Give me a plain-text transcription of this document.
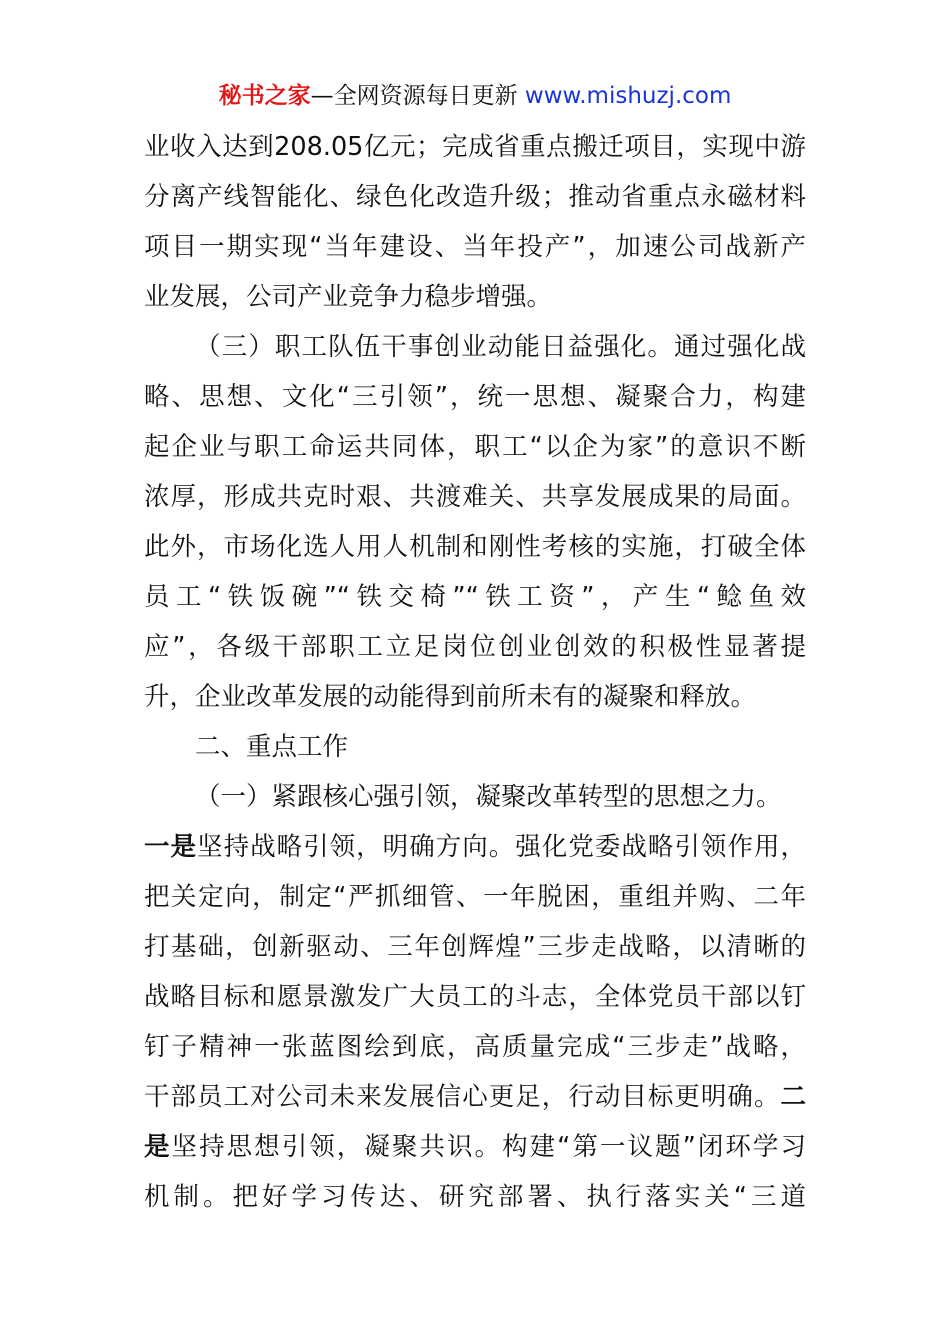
秘书之家—全网资源每日更新 www.mishuzj.com
业收入达到208.05亿元；完成省重点搬迁项目，实现中游
分离产线智能化、绿色化改造升级；推动省重点永磁材料
项目一期实现“当年建设、当年投产”，加速公司战新产
业发展，公司产业竞争力稳步增强。
（三）职工队伍干事创业动能日益强化。通过强化战
略、思想、文化“三引领”，统一思想、凝聚合力，构建
起企业与职工命运共同体，职工“以企为家”的意识不断
浓厚，形成共克时艰、共渡难关、共享发展成果的局面。
此外，市场化选人用人机制和刚性考核的实施，打破全体
员工“铁饭碗”“铁交椅”“铁工资”，产生“鲶鱼效
应”，各级干部职工立足岗位创业创效的积极性显著提
升，企业改革发展的动能得到前所未有的凝聚和释放。
二、重点工作
（一）紧跟核心强引领，凝聚改革转型的思想之力。
一是坚持战略引领，明确方向。强化党委战略引领作用，
把关定向，制定“严抓细管、一年脱困，重组并购、二年
打基础，创新驱动、三年创辉煌”三步走战略，以清晰的
战略目标和愿景激发广大员工的斗志，全体党员干部以钉
钉子精神一张蓝图绘到底，高质量完成“三步走”战略，
干部员工对公司未来发展信心更足，行动目标更明确。二
是坚持思想引领，凝聚共识。构建“第一议题”闭环学习
机制。把好学习传达、研究部署、执行落实关“三道
